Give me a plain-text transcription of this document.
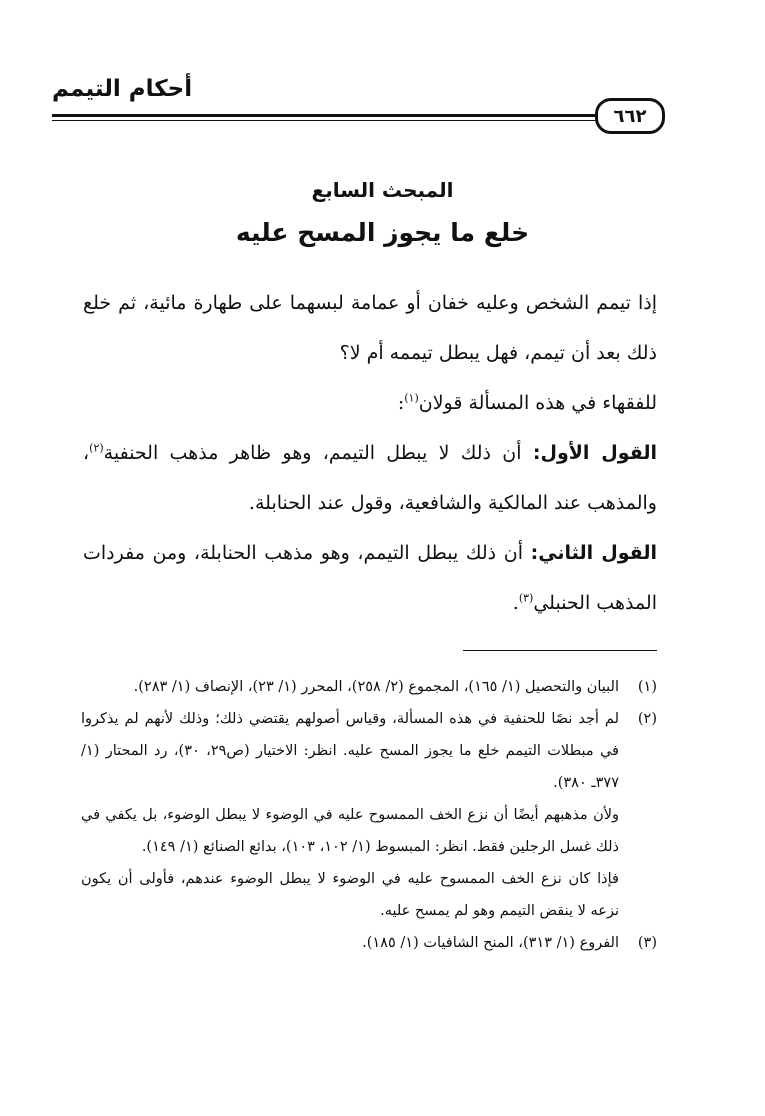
أحكام التيمم
٦٦٢
المبحث السابع
خلع ما يجوز المسح عليه

إذا تيمم الشخص وعليه خفان أو عمامة لبسهما على طهارة مائية، ثم خلع ذلك بعد أن تيمم، فهل يبطل تيممه أم لا؟

للفقهاء في هذه المسألة قولان$^{(١)}$:

القول الأول: أن ذلك لا يبطل التيمم، وهو ظاهر مذهب الحنفية$^{(٢)}$، والمذهب عند المالكية والشافعية، وقول عند الحنابلة.

القول الثاني: أن ذلك يبطل التيمم، وهو مذهب الحنابلة، ومن مفردات المذهب الحنبلي$^{(٣)}$.

(١)

البيان والتحصيل (١/ ١٦٥)، المجموع (٢/ ٢٥٨)، المحرر (١/ ٢٣)، الإنصاف (١/ ٢٨٣).

(٢)

لم أجد نصًا للحنفية في هذه المسألة، وقياس أصولهم يقتضي ذلك؛ وذلك لأنهم لم يذكروا في مبطلات التيمم خلع ما يجوز المسح عليه. انظر: الاختيار (ص٢٩، ٣٠)، رد المحتار (١/ ٣٧٧ـ ٣٨٠).

ولأن مذهبهم أيضًا أن نزع الخف الممسوح عليه في الوضوء لا يبطل الوضوء، بل يكفي في ذلك غسل الرجلين فقط. انظر: المبسوط (١/ ١٠٢، ١٠٣)، بدائع الصنائع (١/ ١٤٩).

فإذا كان نزع الخف الممسوح عليه في الوضوء لا يبطل الوضوء عندهم، فأولى أن يكون نزعه لا ينقض التيمم وهو لم يمسح عليه.

(٣)

الفروع (١/ ٣١٣)، المنح الشافيات (١/ ١٨٥).
